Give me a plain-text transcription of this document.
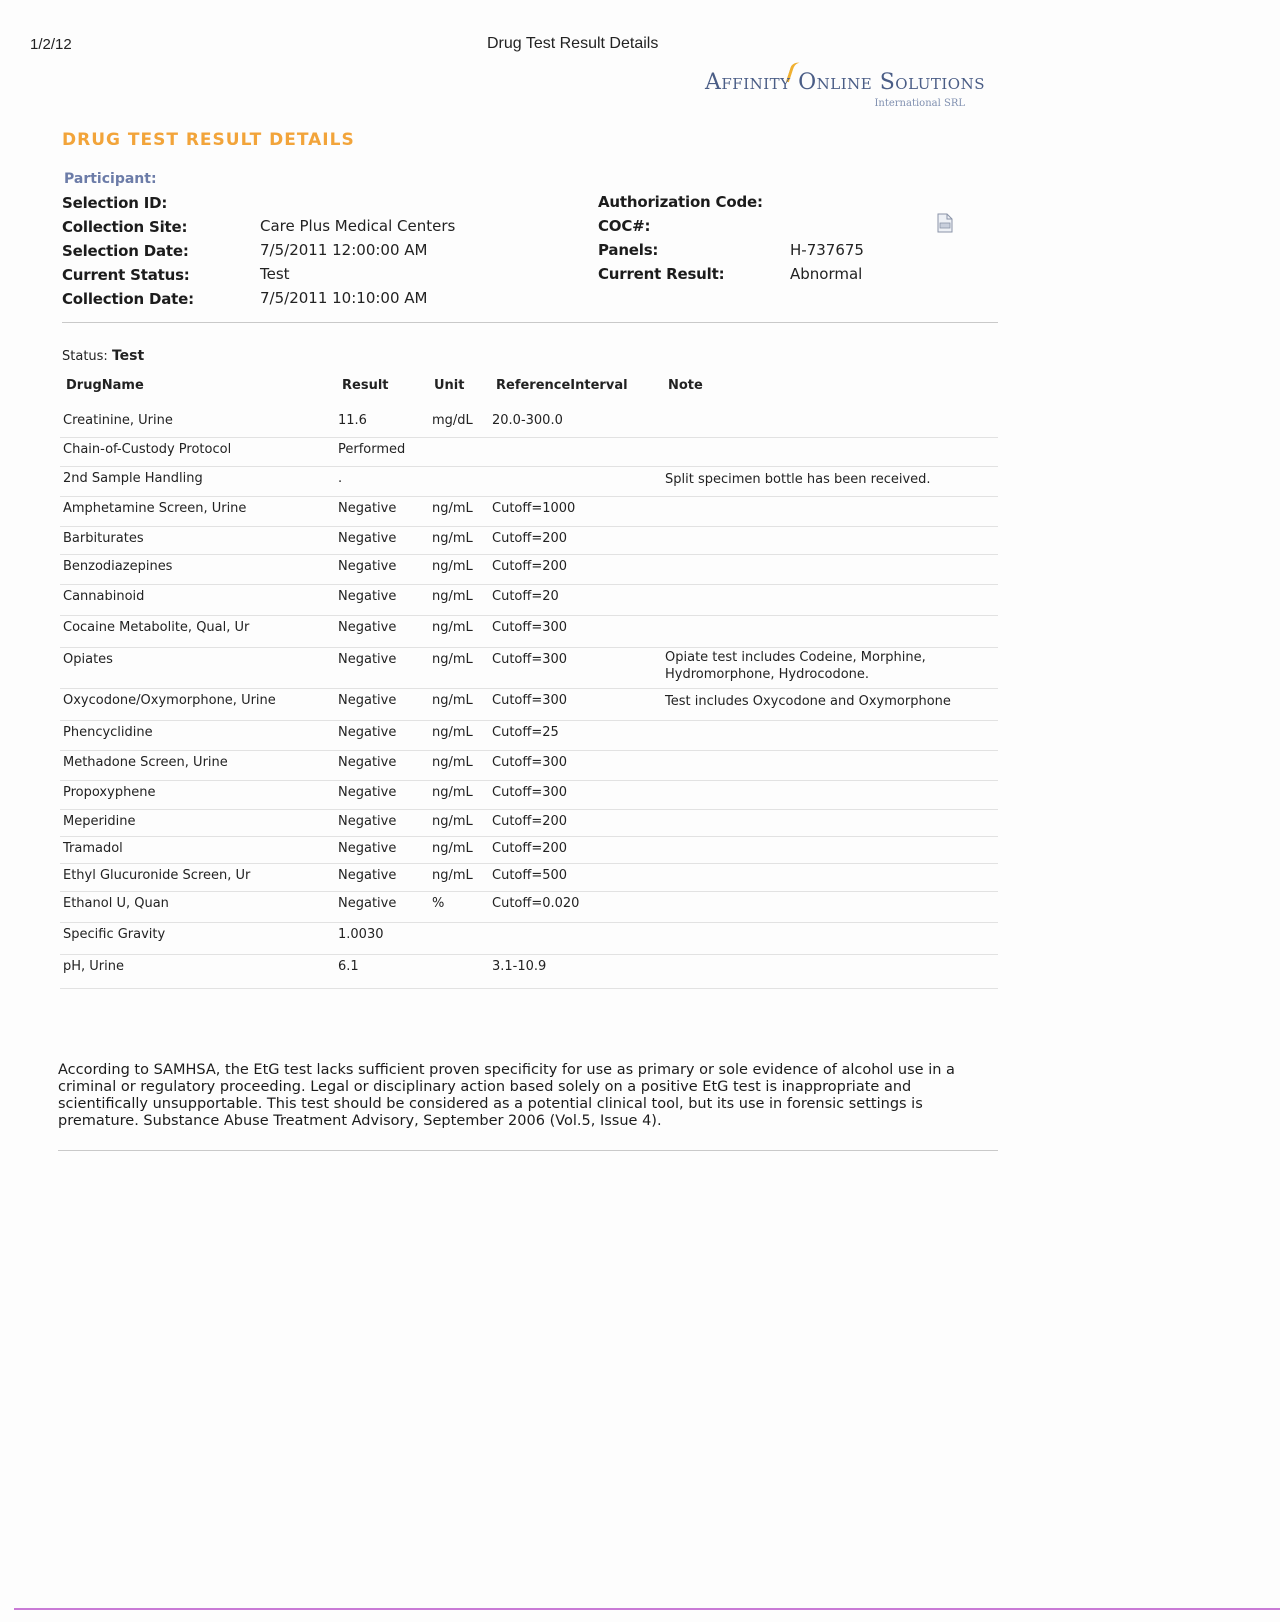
1/2/12	Drug Test Result Details
Affinity Online Solutions
International SRL
DRUG TEST RESULT DETAILS
Participant:
Selection ID:
Collection Site:	Care Plus Medical Centers
Selection Date:	7/5/2011 12:00:00 AM
Current Status:	Test
Collection Date:	7/5/2011 10:10:00 AM
Authorization Code:
COC#:
Panels:	H-737675
Current Result:	Abnormal
Status: Test
DrugName	Result	Unit ReferenceInterval	Note
Creatinine, Urine	11.6	mg/dL 20.0-300.0
Chain-of-Custody Protocol	Performed
2nd Sample Handling	.	Split specimen bottle has been received.
Amphetamine Screen, Urine	Negative	ng/mL Cutoff=1000
Barbiturates	Negative	ng/mL Cutoff=200
Benzodiazepines	Negative	ng/mL Cutoff=200
Cannabinoid	Negative	ng/mL Cutoff=20
Cocaine Metabolite, Qual, Ur	Negative	ng/mL Cutoff=300
Opiates	Negative	ng/mL Cutoff=300	Opiate test includes Codeine, Morphine, Hydromorphone, Hydrocodone.
Oxycodone/Oxymorphone, Urine	Negative	ng/mL Cutoff=300	Test includes Oxycodone and Oxymorphone
Phencyclidine	Negative	ng/mL Cutoff=25
Methadone Screen, Urine	Negative	ng/mL Cutoff=300
Propoxyphene	Negative	ng/mL Cutoff=300
Meperidine	Negative	ng/mL Cutoff=200
Tramadol	Negative	ng/mL Cutoff=200
Ethyl Glucuronide Screen, Ur	Negative	ng/mL Cutoff=500
Ethanol U, Quan	Negative	%	Cutoff=0.020
Specific Gravity	1.0030
pH, Urine	6.1	3.1-10.9
According to SAMHSA, the EtG test lacks sufficient proven specificity for use as primary or sole evidence of alcohol use in a criminal or regulatory proceeding. Legal or disciplinary action based solely on a positive EtG test is inappropriate and scientifically unsupportable. This test should be considered as a potential clinical tool, but its use in forensic settings is premature. Substance Abuse Treatment Advisory, September 2006 (Vol.5, Issue 4).
